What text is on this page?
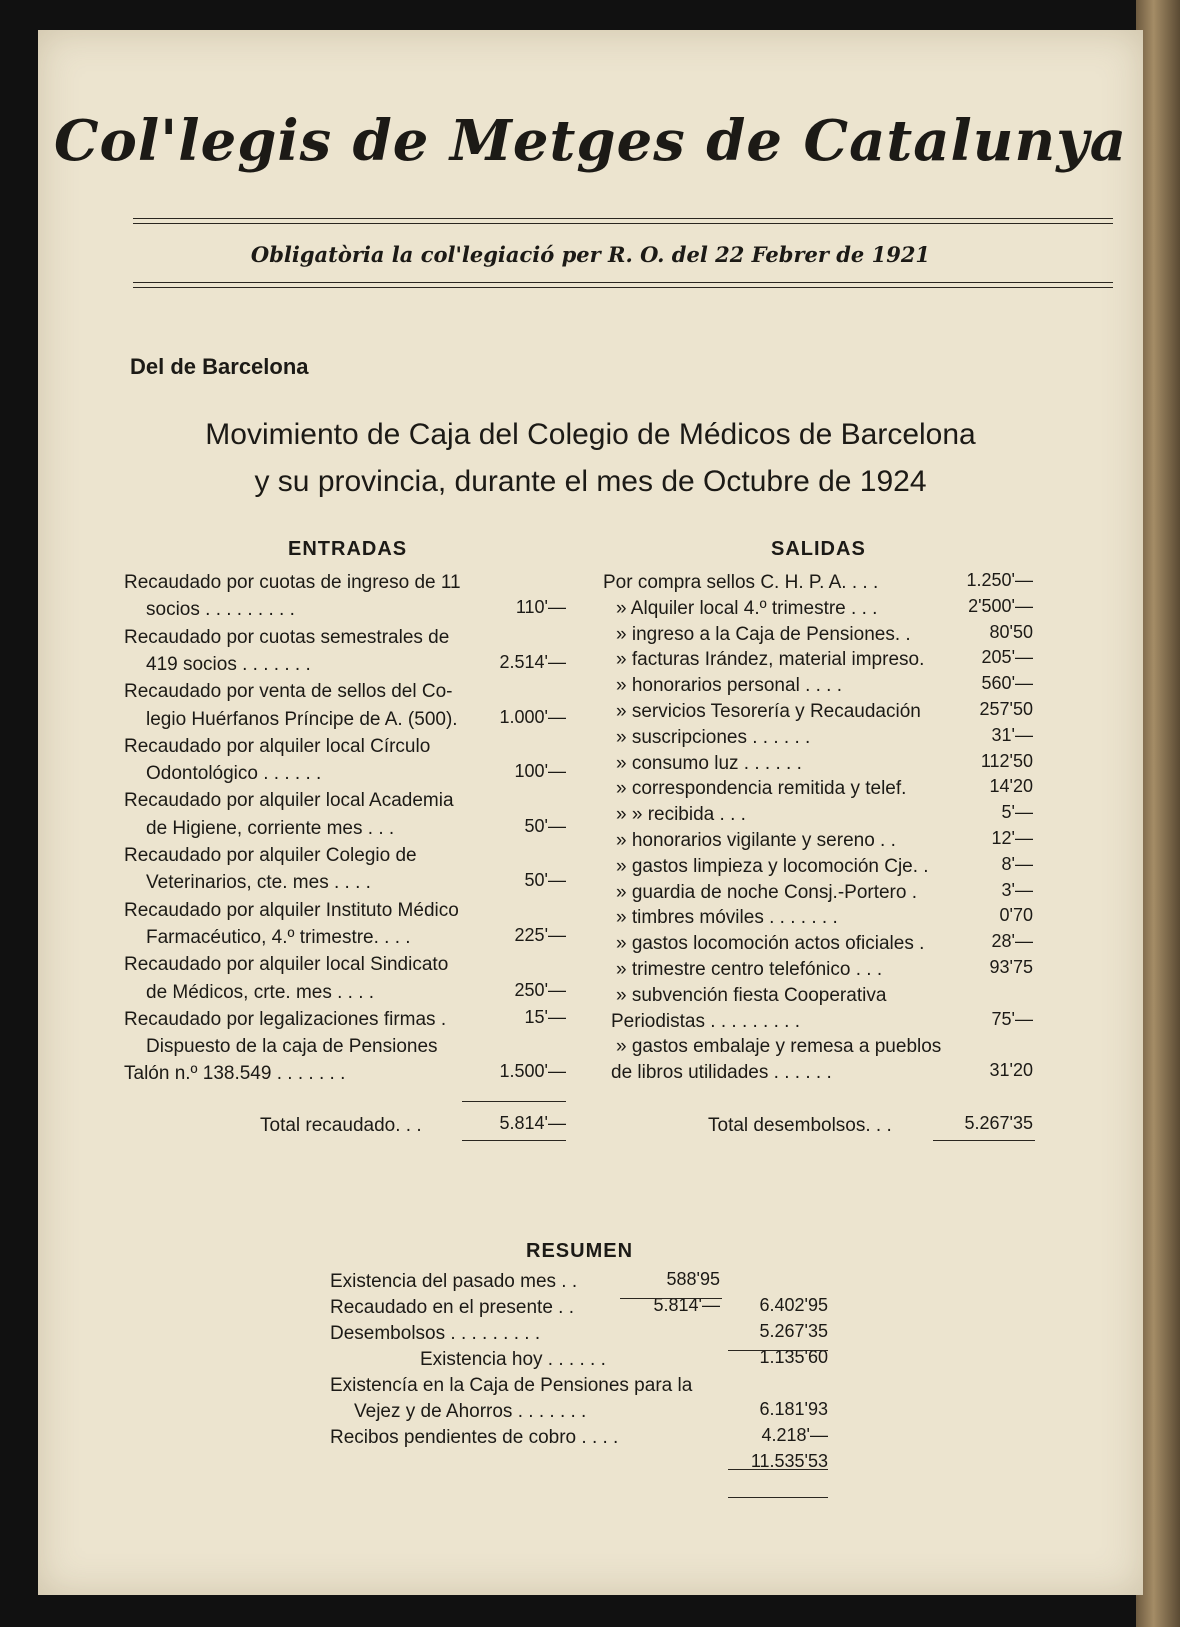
Col'legis de Metges de Catalunya
Obligatòria la col'legiació per R. O. del 22 Febrer de 1921
Del de Barcelona
Movimiento de Caja del Colegio de Médicos de Barcelona
y su provincia, durante el mes de Octubre de 1924
ENTRADAS
Recaudado por cuotas de ingreso de 11
socios . . . . . . . . .	110'—
Recaudado por cuotas semestrales de
419 socios . . . . . . .	2.514'—
Recaudado por venta de sellos del Co-
legio Huérfanos Príncipe de A. (500).	1.000'—
Recaudado por alquiler local Círculo
Odontológico . . . . . .	100'—
Recaudado por alquiler local Academia
de Higiene, corriente mes . . .	50'—
Recaudado por alquiler Colegio de
Veterinarios, cte. mes . . . .	50'—
Recaudado por alquiler Instituto Médico
Farmacéutico, 4.º trimestre. . . .	225'—
Recaudado por alquiler local Sindicato
de Médicos, crte. mes . . . .	250'—
Recaudado por legalizaciones firmas .	15'—
Dispuesto de la caja de Pensiones
Talón n.º 138.549 . . . . . . .	1.500'—
Total recaudado. . .	5.814'—
SALIDAS
Por compra sellos C. H. P. A. . . .	1.250'—
» Alquiler local 4.º trimestre . . .	2'500'—
» ingreso a la Caja de Pensiones. .	80'50
» facturas Irández, material impreso.	205'—
» honorarios personal . . . .	560'—
» servicios Tesorería y Recaudación	257'50
» suscripciones . . . . . .	31'—
» consumo luz . . . . . .	112'50
» correspondencia remitida y telef.	14'20
» » recibida . . .	5'—
» honorarios vigilante y sereno . .	12'—
» gastos limpieza y locomoción Cje. .	8'—
» guardia de noche Consj.-Portero .	3'—
» timbres móviles . . . . . . .	0'70
» gastos locomoción actos oficiales .	28'—
» trimestre centro telefónico . . .	93'75
» subvención fiesta Cooperativa
Periodistas . . . . . . . . .	75'—
» gastos embalaje y remesa a pueblos
de libros utilidades . . . . . .	31'20
Total desembolsos. . .	5.267'35
RESUMEN
Existencia del pasado mes . .	588'95
Recaudado en el presente . .	5.814'—	6.402'95
Desembolsos . . . . . . . . .	5.267'35
Existencia hoy . . . . . .	1.135'60
Existencía en la Caja de Pensiones para la
Vejez y de Ahorros . . . . . . .	6.181'93
Recibos pendientes de cobro . . . .	4.218'—
11.535'53
